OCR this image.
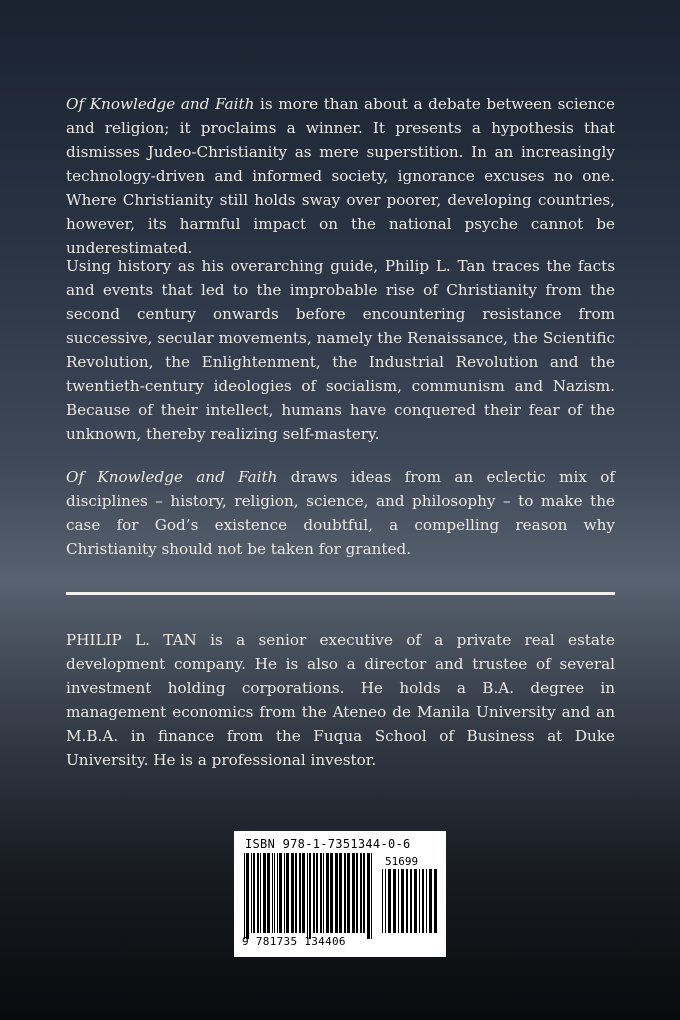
Of Knowledge and Faith is more than about a debate between science and religion; it proclaims a winner. It presents a hypothesis that dismisses Judeo-Christianity as mere superstition. In an increasingly technology-driven and informed society, ignorance excuses no one. Where Christianity still holds sway over poorer, developing countries, however, its harmful impact on the national psyche cannot be underestimated.

Using history as his overarching guide, Philip L. Tan traces the facts and events that led to the improbable rise of Christianity from the second century onwards before encountering resistance from successive, secular movements, namely the Renaissance, the Scientific Revolution, the Enlightenment, the Industrial Revolution and the twentieth-century ideologies of socialism, communism and Nazism. Because of their intellect, humans have conquered their fear of the unknown, thereby realizing self-mastery.

Of Knowledge and Faith draws ideas from an eclectic mix of disciplines – history, religion, science, and philosophy – to make the case for God’s existence doubtful, a compelling reason why Christianity should not be taken for granted.

PHILIP L. TAN is a senior executive of a private real estate development company. He is also a director and trustee of several investment holding corporations. He holds a B.A. degree in management economics from the Ateneo de Manila University and an M.B.A. in finance from the Fuqua School of Business at Duke University. He is a professional investor.

ISBN 978-1-7351344-0-6
51699
9 781735 134406
